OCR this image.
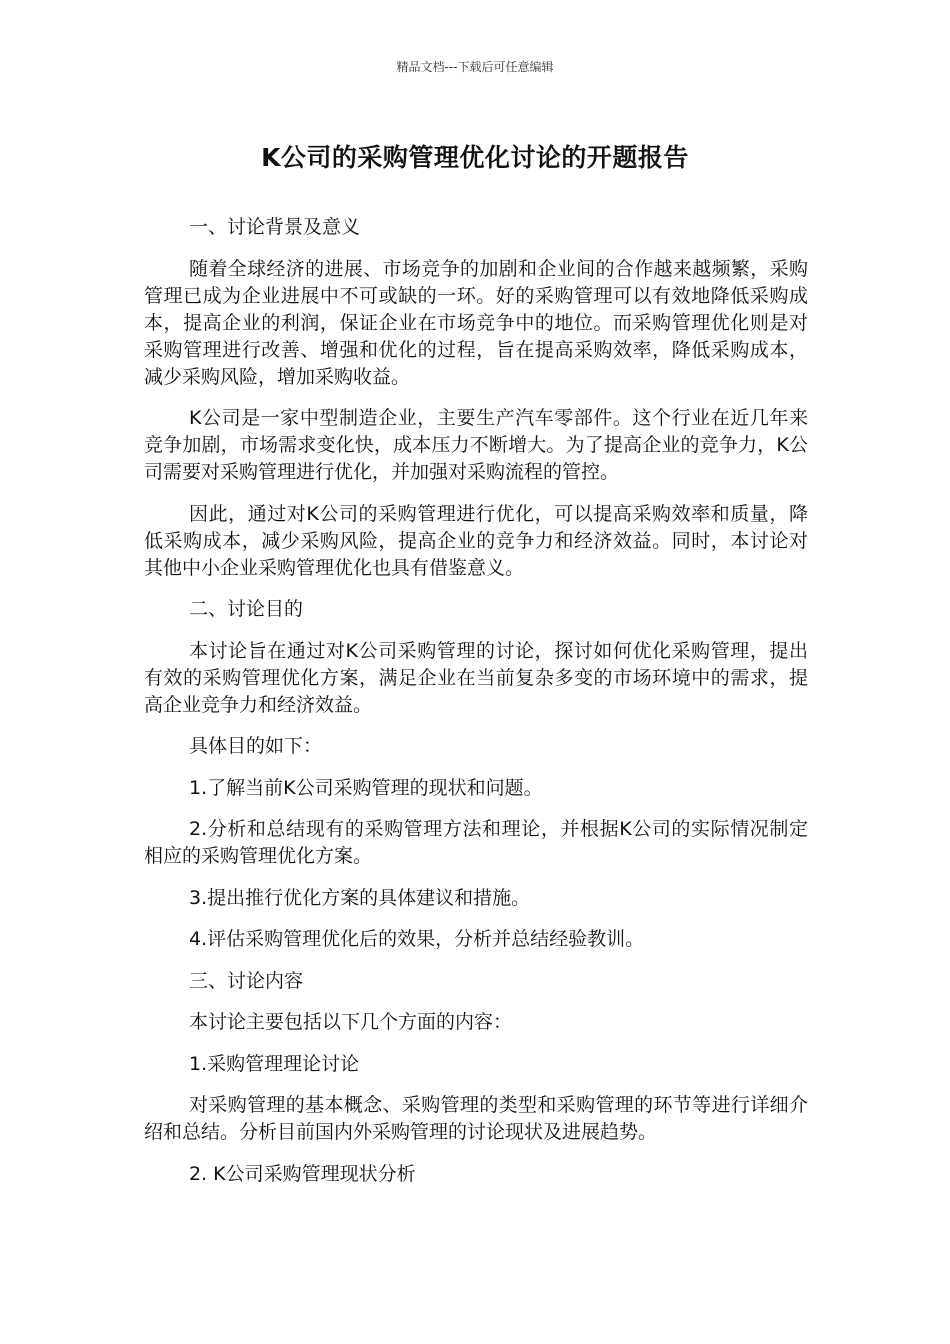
精品文档---下载后可任意编辑
K公司的采购管理优化讨论的开题报告

一、讨论背景及意义

随着全球经济的进展、市场竞争的加剧和企业间的合作越来越频繁，采购管理已成为企业进展中不可或缺的一环。好的采购管理可以有效地降低采购成本，提高企业的利润，保证企业在市场竞争中的地位。而采购管理优化则是对采购管理进行改善、增强和优化的过程，旨在提高采购效率，降低采购成本，减少采购风险，增加采购收益。

K公司是一家中型制造企业，主要生产汽车零部件。这个行业在近几年来竞争加剧，市场需求变化快，成本压力不断增大。为了提高企业的竞争力，K公司需要对采购管理进行优化，并加强对采购流程的管控。

因此，通过对K公司的采购管理进行优化，可以提高采购效率和质量，降低采购成本，减少采购风险，提高企业的竞争力和经济效益。同时，本讨论对其他中小企业采购管理优化也具有借鉴意义。

二、讨论目的

本讨论旨在通过对K公司采购管理的讨论，探讨如何优化采购管理，提出有效的采购管理优化方案，满足企业在当前复杂多变的市场环境中的需求，提高企业竞争力和经济效益。

具体目的如下：

1.了解当前K公司采购管理的现状和问题。

2.分析和总结现有的采购管理方法和理论，并根据K公司的实际情况制定相应的采购管理优化方案。

3.提出推行优化方案的具体建议和措施。

4.评估采购管理优化后的效果，分析并总结经验教训。

三、讨论内容

本讨论主要包括以下几个方面的内容：

1.采购管理理论讨论

对采购管理的基本概念、采购管理的类型和采购管理的环节等进行详细介绍和总结。分析目前国内外采购管理的讨论现状及进展趋势。

2. K公司采购管理现状分析
